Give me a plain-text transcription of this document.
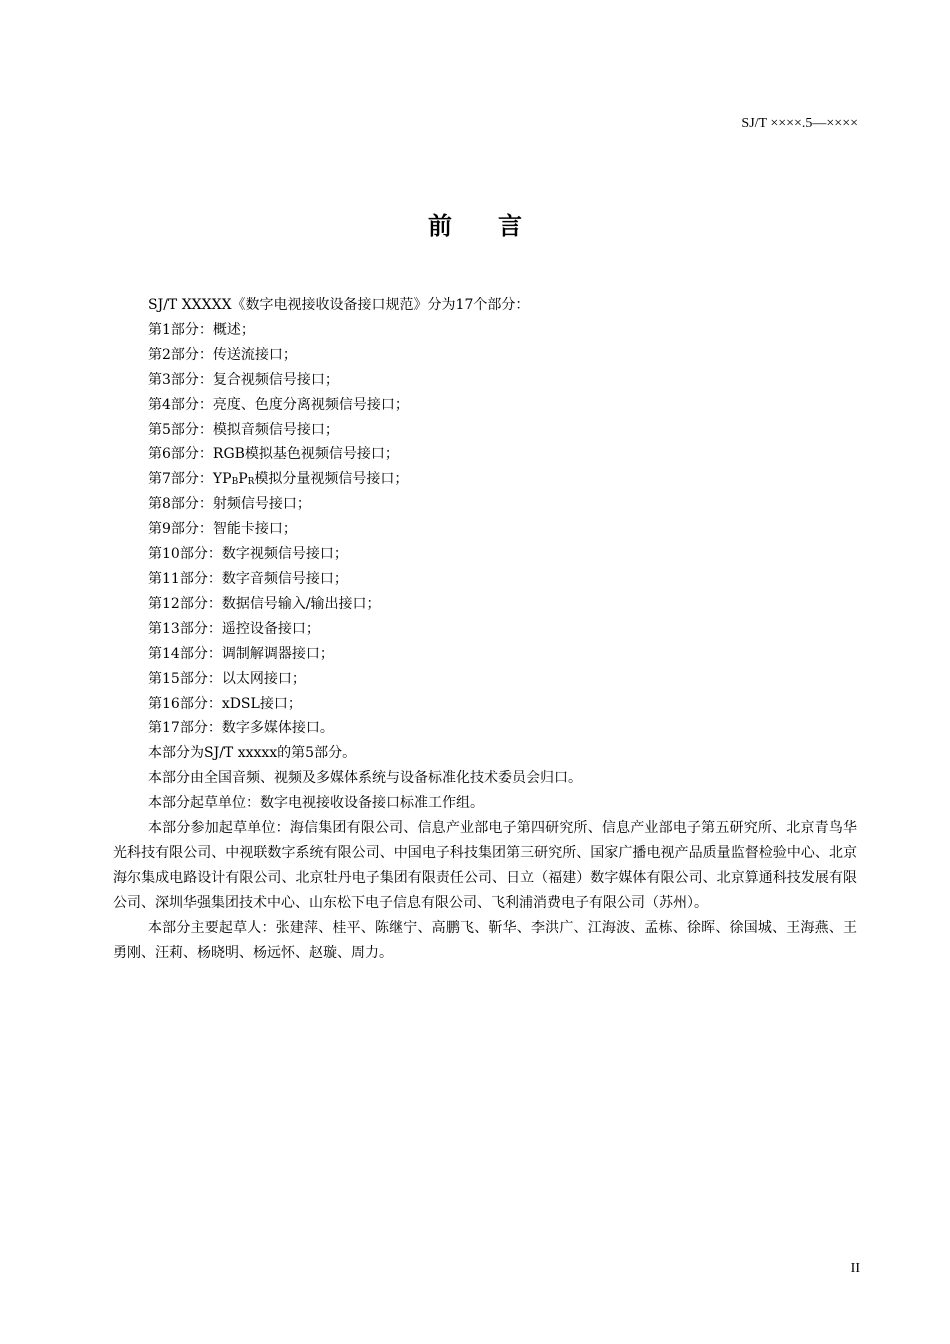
SJ/T ××××.5—××××
前言

SJ/T XXXXX《数字电视接收设备接口规范》分为17个部分：

第1部分：概述；

第2部分：传送流接口；

第3部分：复合视频信号接口；

第4部分：亮度、色度分离视频信号接口；

第5部分：模拟音频信号接口；

第6部分：RGB模拟基色视频信号接口；

第7部分：$YP_BP_R$模拟分量视频信号接口；

第8部分：射频信号接口；

第9部分：智能卡接口；

第10部分：数字视频信号接口；

第11部分：数字音频信号接口；

第12部分：数据信号输入/输出接口；

第13部分：遥控设备接口；

第14部分：调制解调器接口；

第15部分：以太网接口；

第16部分：xDSL接口；

第17部分：数字多媒体接口。

本部分为SJ/T xxxxx的第5部分。

本部分由全国音频、视频及多媒体系统与设备标准化技术委员会归口。

本部分起草单位：数字电视接收设备接口标准工作组。

本部分参加起草单位：海信集团有限公司、信息产业部电子第四研究所、信息产业部电子第五研究所、北京青鸟华光科技有限公司、中视联数字系统有限公司、中国电子科技集团第三研究所、国家广播电视产品质量监督检验中心、北京海尔集成电路设计有限公司、北京牡丹电子集团有限责任公司、日立（福建）数字媒体有限公司、北京算通科技发展有限公司、深圳华强集团技术中心、山东松下电子信息有限公司、飞利浦消费电子有限公司（苏州）。

本部分主要起草人：张建萍、桂平、陈继宁、高鹏飞、靳华、李洪广、江海波、孟栋、徐晖、徐国城、王海燕、王勇刚、汪莉、杨晓明、杨远怀、赵璇、周力。

II
